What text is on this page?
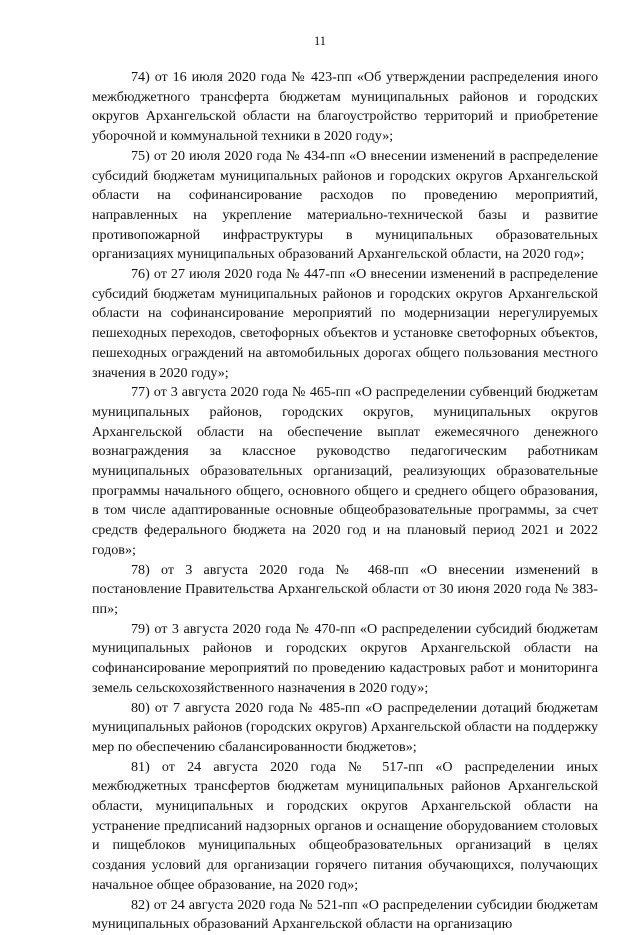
11

74) от 16 июля 2020 года № 423-пп «Об утверждении распределения иного межбюджетного трансферта бюджетам муниципальных районов и городских округов Архангельской области на благоустройство территорий и приобретение уборочной и коммунальной техники в 2020 году»;

75) от 20 июля 2020 года № 434-пп «О внесении изменений в распределение субсидий бюджетам муниципальных районов и городских округов Архангельской области на софинансирование расходов по проведению мероприятий, направленных на укрепление материально-технической базы и развитие противопожарной инфраструктуры в муниципальных образовательных организациях муниципальных образований Архангельской области, на 2020 год»;

76) от 27 июля 2020 года № 447-пп «О внесении изменений в распределение субсидий бюджетам муниципальных районов и городских округов Архангельской области на софинансирование мероприятий по модернизации нерегулируемых пешеходных переходов, светофорных объектов и установке светофорных объектов, пешеходных ограждений на автомобильных дорогах общего пользования местного значения в 2020 году»;

77) от 3 августа 2020 года № 465-пп «О распределении субвенций бюджетам муниципальных районов, городских округов, муниципальных округов Архангельской области на обеспечение выплат ежемесячного денежного вознаграждения за классное руководство педагогическим работникам муниципальных образовательных организаций, реализующих образовательные программы начального общего, основного общего и среднего общего образования, в том числе адаптированные основные общеобразовательные программы, за счет средств федерального бюджета на 2020 год и на плановый период 2021 и 2022 годов»;

78) от 3 августа 2020 года № 468-пп «О внесении изменений в постановление Правительства Архангельской области от 30 июня 2020 года № 383-пп»;

79) от 3 августа 2020 года № 470-пп «О распределении субсидий бюджетам муниципальных районов и городских округов Архангельской области на софинансирование мероприятий по проведению кадастровых работ и мониторинга земель сельскохозяйственного назначения в 2020 году»;

80) от 7 августа 2020 года № 485-пп «О распределении дотаций бюджетам муниципальных районов (городских округов) Архангельской области на поддержку мер по обеспечению сбалансированности бюджетов»;

81) от 24 августа 2020 года № 517-пп «О распределении иных межбюджетных трансфертов бюджетам муниципальных районов Архангельской области, муниципальных и городских округов Архангельской области на устранение предписаний надзорных органов и оснащение оборудованием столовых и пищеблоков муниципальных общеобразовательных организаций в целях создания условий для организации горячего питания обучающихся, получающих начальное общее образование, на 2020 год»;

82) от 24 августа 2020 года № 521-пп «О распределении субсидии бюджетам муниципальных образований Архангельской области на организацию
